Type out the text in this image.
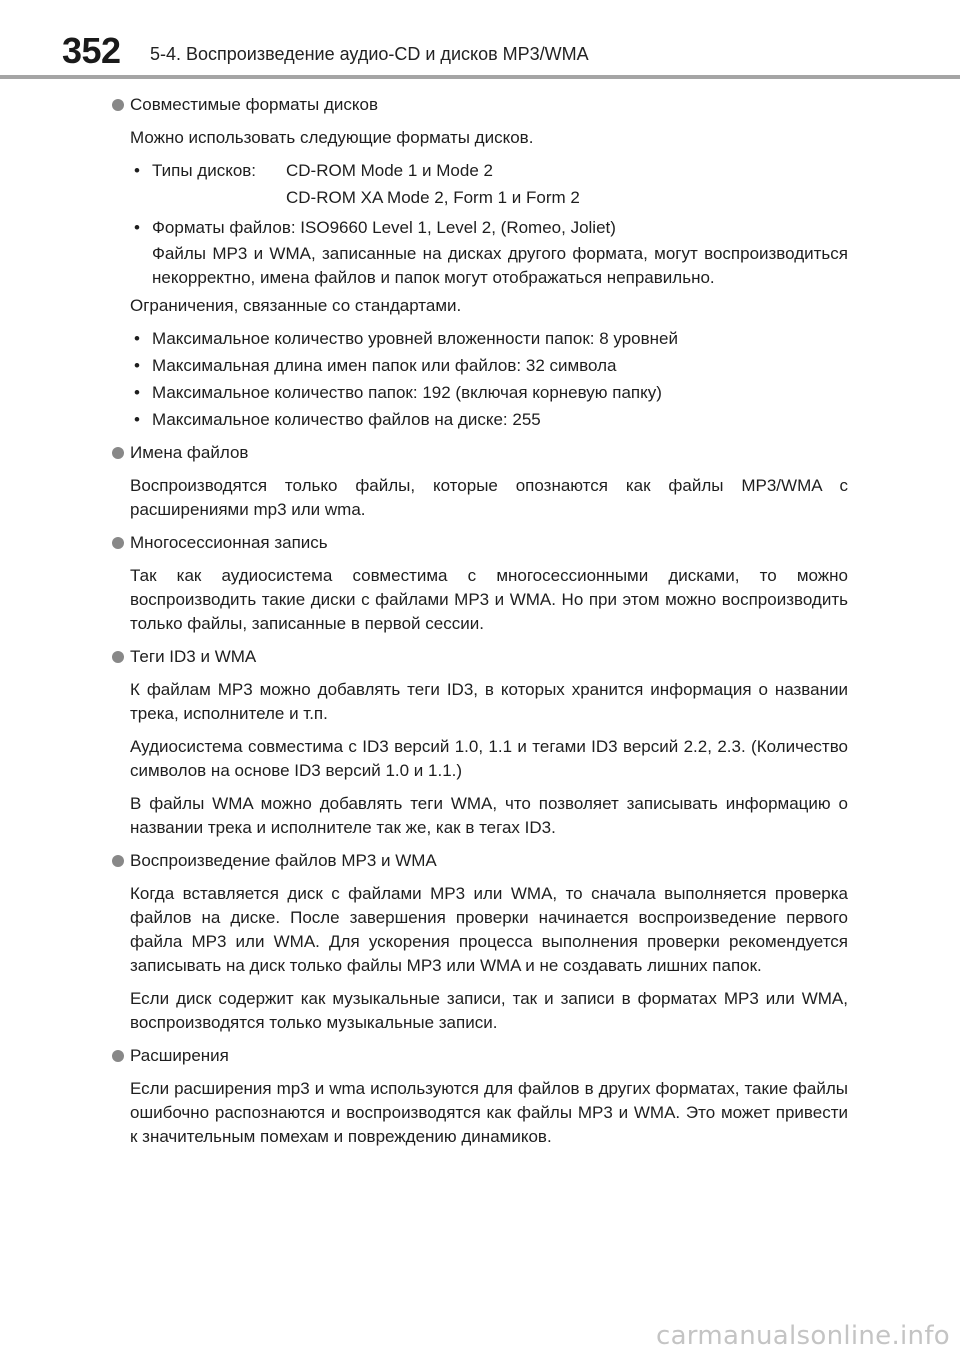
352 5-4. Воспроизведение аудио-CD и дисков MP3/WMA
Совместимые форматы дисков

Можно использовать следующие форматы дисков.

• Типы дисков:	CD-ROM Mode 1 и Mode 2
CD-ROM XA Mode 2, Form 1 и Form 2
• Форматы файлов: ISO9660 Level 1, Level 2, (Romeo, Joliet)
Файлы MP3 и WMA, записанные на дисках другого формата, могут воспроизводиться некорректно, имена файлов и папок могут отображаться неправильно.

Ограничения, связанные со стандартами.

• Максимальное количество уровней вложенности папок: 8 уровней
• Максимальная длина имен папок или файлов: 32 символа
• Максимальное количество папок: 192 (включая корневую папку)
• Максимальное количество файлов на диске: 255
Имена файлов

Воспроизводятся только файлы, которые опознаются как файлы MP3/WMA с расширениями mp3 или wma.

Многосессионная запись

Так как аудиосистема совместима с многосессионными дисками, то можно воспроизводить такие диски с файлами MP3 и WMA. Но при этом можно воспроизводить только файлы, записанные в первой сессии.

Теги ID3 и WMA

К файлам MP3 можно добавлять теги ID3, в которых хранится информация о названии трека, исполнителе и т.п.

Аудиосистема совместима с ID3 версий 1.0, 1.1 и тегами ID3 версий 2.2, 2.3. (Количество символов на основе ID3 версий 1.0 и 1.1.)

В файлы WMA можно добавлять теги WMA, что позволяет записывать информацию о названии трека и исполнителе так же, как в тегах ID3.

Воспроизведение файлов MP3 и WMA

Когда вставляется диск с файлами MP3 или WMA, то сначала выполняется проверка файлов на диске. После завершения проверки начинается воспроизведение первого файла MP3 или WMA. Для ускорения процесса выполнения проверки рекомендуется записывать на диск только файлы MP3 или WMA и не создавать лишних папок.

Если диск содержит как музыкальные записи, так и записи в форматах MP3 или WMA, воспроизводятся только музыкальные записи.

Расширения

Если расширения mp3 и wma используются для файлов в других форматах, такие файлы ошибочно распознаются и воспроизводятся как файлы MP3 и WMA. Это может привести к значительным помехам и повреждению динамиков.

carmanualsonline.info
